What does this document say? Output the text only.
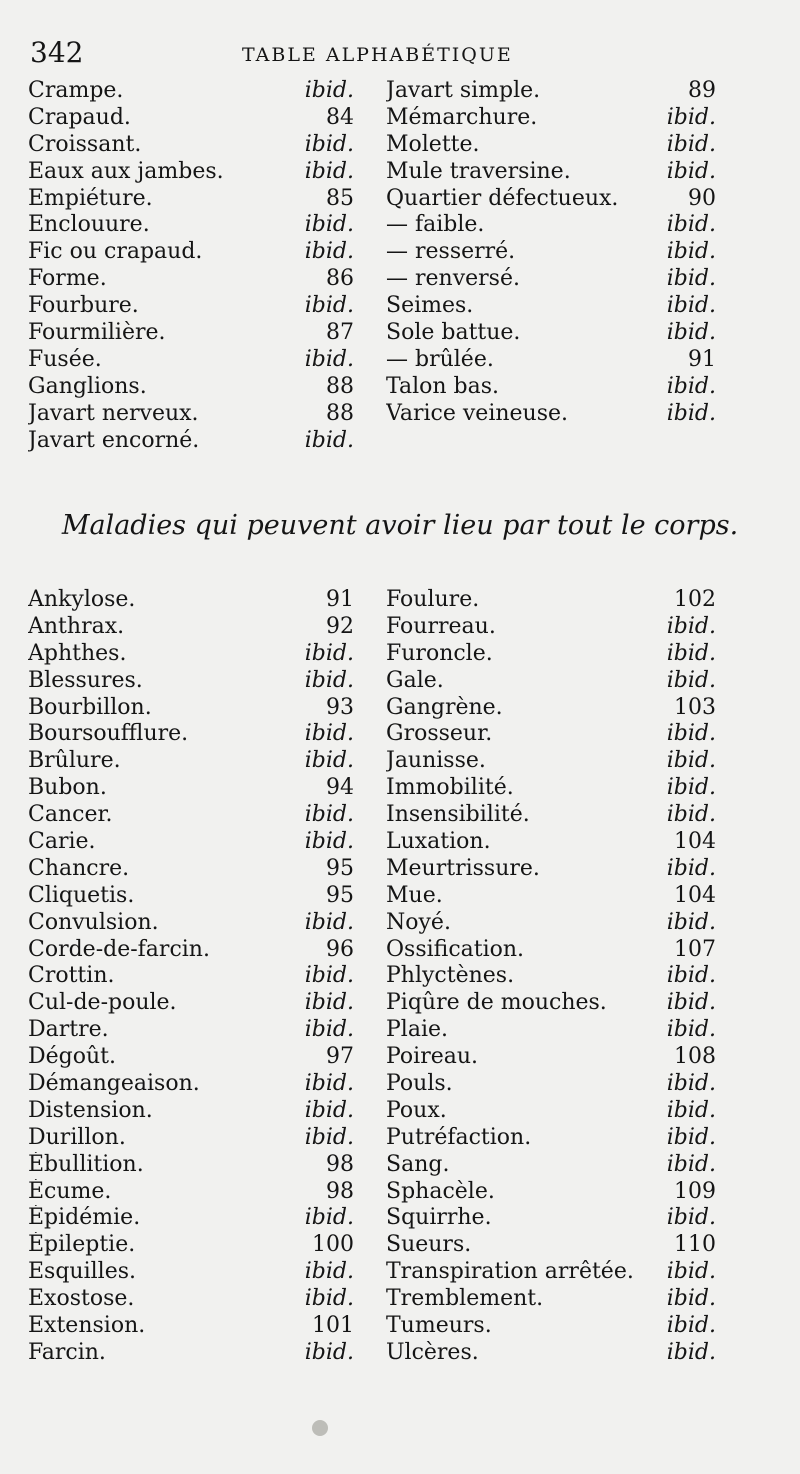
342	TABLE ALPHABÉTIQUE
Crampe.	ibid. Javart simple.	89
Crapaud.	84 Mémarchure.	ibid.
Croissant.	ibid. Molette.	ibid.
Eaux aux jambes.	ibid. Mule traversine.	ibid.
Empiéture.	85 Quartier défectueux.	90
Enclouure.	ibid. — faible.	ibid.
Fic ou crapaud.	ibid. — resserré.	ibid.
Forme.	86 — renversé.	ibid.
Fourbure.	ibid. Seimes.	ibid.
Fourmilière.	87 Sole battue.	ibid.
Fusée.	ibid. — brûlée.	91
Ganglions.	88 Talon bas.	ibid.
Javart nerveux.	88 Varice veineuse.	ibid.
Javart encorné.	ibid.
Maladies qui peuvent avoir lieu par tout le corps.
Ankylose.	91 Foulure.	102
Anthrax.	92 Fourreau.	ibid.
Aphthes.	ibid. Furoncle.	ibid.
Blessures.	ibid. Gale.	ibid.
Bourbillon.	93 Gangrène.	103
Boursoufflure.	ibid. Grosseur.	ibid.
Brûlure.	ibid. Jaunisse.	ibid.
Bubon.	94 Immobilité.	ibid.
Cancer.	ibid. Insensibilité.	ibid.
Carie.	ibid. Luxation.	104
Chancre.	95 Meurtrissure.	ibid.
Cliquetis.	95 Mue.	104
Convulsion.	ibid. Noyé.	ibid.
Corde-de-farcin.	96 Ossification.	107
Crottin.	ibid. Phlyctènes.	ibid.
Cul-de-poule.	ibid. Piqûre de mouches.	ibid.
Dartre.	ibid. Plaie.	ibid.
Dégoût.	97 Poireau.	108
Démangeaison.	ibid. Pouls.	ibid.
Distension.	ibid. Poux.	ibid.
Durillon.	ibid. Putréfaction.	ibid.
Ébullition.	98 Sang.	ibid.
Écume.	98 Sphacèle.	109
Épidémie.	ibid. Squirrhe.	ibid.
Épileptie.	100 Sueurs.	110
Esquilles.	ibid. Transpiration arrêtée.	ibid.
Exostose.	ibid. Tremblement.	ibid.
Extension.	101 Tumeurs.	ibid.
Farcin.	ibid. Ulcères.	ibid.
